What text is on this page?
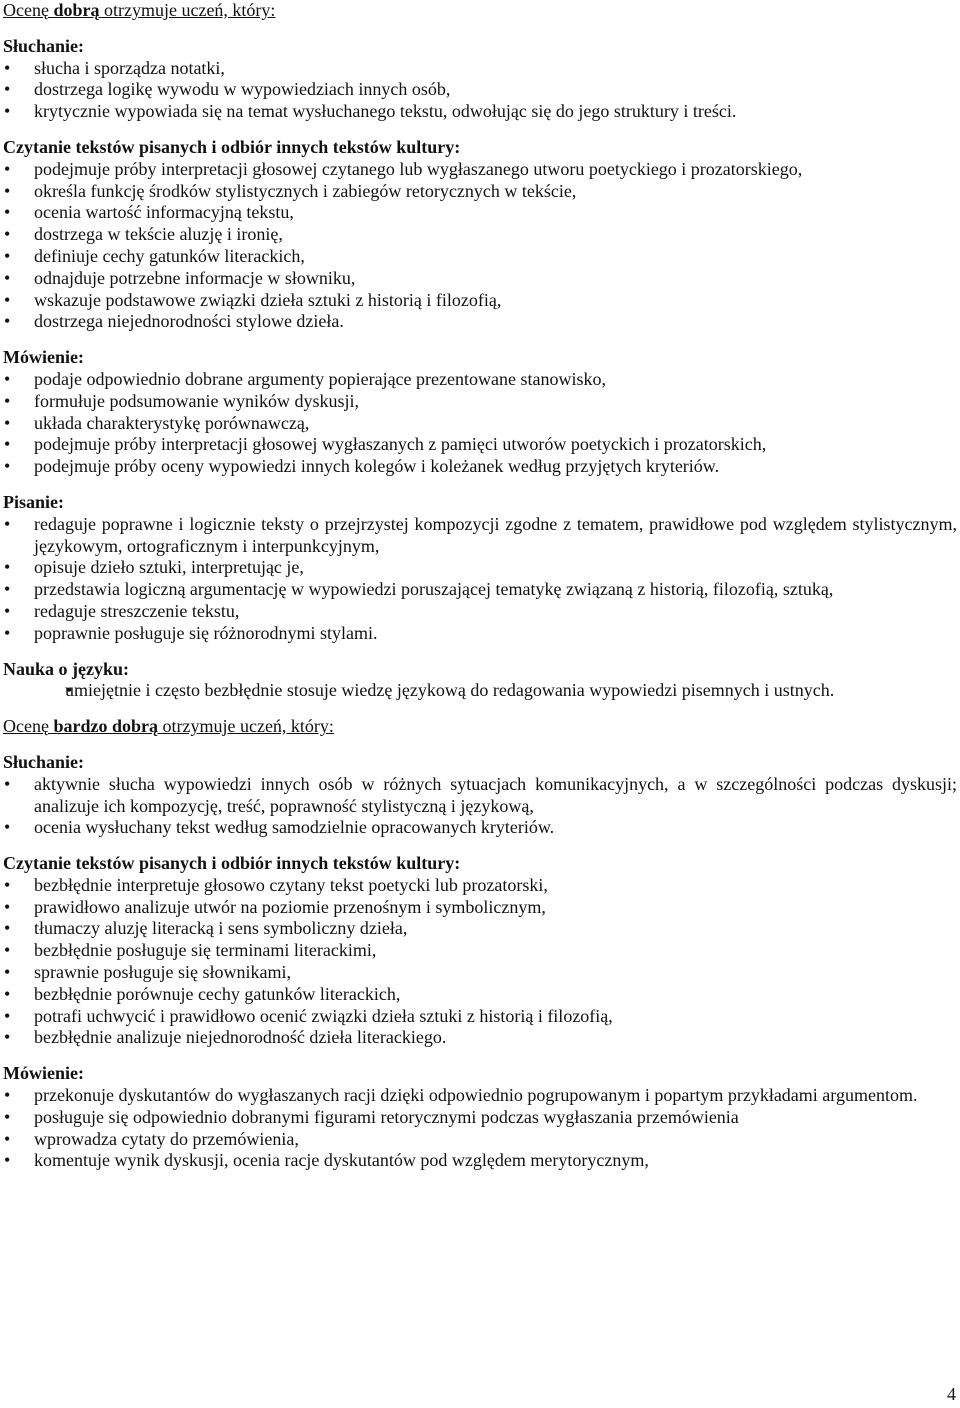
Ocenę dobrą otrzymuje uczeń, który:

Słuchanie:

• słucha i sporządza notatki,
• dostrzega logikę wywodu w wypowiedziach innych osób,
• krytycznie wypowiada się na temat wysłuchanego tekstu, odwołując się do jego struktury i treści.

Czytanie tekstów pisanych i odbiór innych tekstów kultury:

• podejmuje próby interpretacji głosowej czytanego lub wygłaszanego utworu poetyckiego i prozatorskiego,
• określa funkcję środków stylistycznych i zabiegów retorycznych w tekście,
• ocenia wartość informacyjną tekstu,
• dostrzega w tekście aluzję i ironię,
• definiuje cechy gatunków literackich,
• odnajduje potrzebne informacje w słowniku,
• wskazuje podstawowe związki dzieła sztuki z historią i filozofią,
• dostrzega niejednorodności stylowe dzieła.

Mówienie:

• podaje odpowiednio dobrane argumenty popierające prezentowane stanowisko,
• formułuje podsumowanie wyników dyskusji,
• układa charakterystykę porównawczą,
• podejmuje próby interpretacji głosowej wygłaszanych z pamięci utworów poetyckich i prozatorskich,
• podejmuje próby oceny wypowiedzi innych kolegów i koleżanek według przyjętych kryteriów.

Pisanie:

• redaguje poprawne i logicznie teksty o przejrzystej kompozycji zgodne z tematem, prawidłowe pod względem stylistycznym, językowym, ortograficznym i interpunkcyjnym,
• opisuje dzieło sztuki, interpretując je,
• przedstawia logiczną argumentację w wypowiedzi poruszającej tematykę związaną z historią, filozofią, sztuką,
• redaguje streszczenie tekstu,
• poprawnie posługuje się różnorodnymi stylami.

Nauka o języku:

• umiejętnie i często bezbłędnie stosuje wiedzę językową do redagowania wypowiedzi pisemnych i ustnych.

Ocenę bardzo dobrą otrzymuje uczeń, który:

Słuchanie:

• aktywnie słucha wypowiedzi innych osób w różnych sytuacjach komunikacyjnych, a w szczególności podczas dyskusji; analizuje ich kompozycję, treść, poprawność stylistyczną i językową,
• ocenia wysłuchany tekst według samodzielnie opracowanych kryteriów.

Czytanie tekstów pisanych i odbiór innych tekstów kultury:

• bezbłędnie interpretuje głosowo czytany tekst poetycki lub prozatorski,
• prawidłowo analizuje utwór na poziomie przenośnym i symbolicznym,
• tłumaczy aluzję literacką i sens symboliczny dzieła,
• bezbłędnie posługuje się terminami literackimi,
• sprawnie posługuje się słownikami,
• bezbłędnie porównuje cechy gatunków literackich,
• potrafi uchwycić i prawidłowo ocenić związki dzieła sztuki z historią i filozofią,
• bezbłędnie analizuje niejednorodność dzieła literackiego.

Mówienie:

• przekonuje dyskutantów do wygłaszanych racji dzięki odpowiednio pogrupowanym i popartym przykładami argumentom.
• posługuje się odpowiednio dobranymi figurami retorycznymi podczas wygłaszania przemówienia
• wprowadza cytaty do przemówienia,
• komentuje wynik dyskusji, ocenia racje dyskutantów pod względem merytorycznym,
4
